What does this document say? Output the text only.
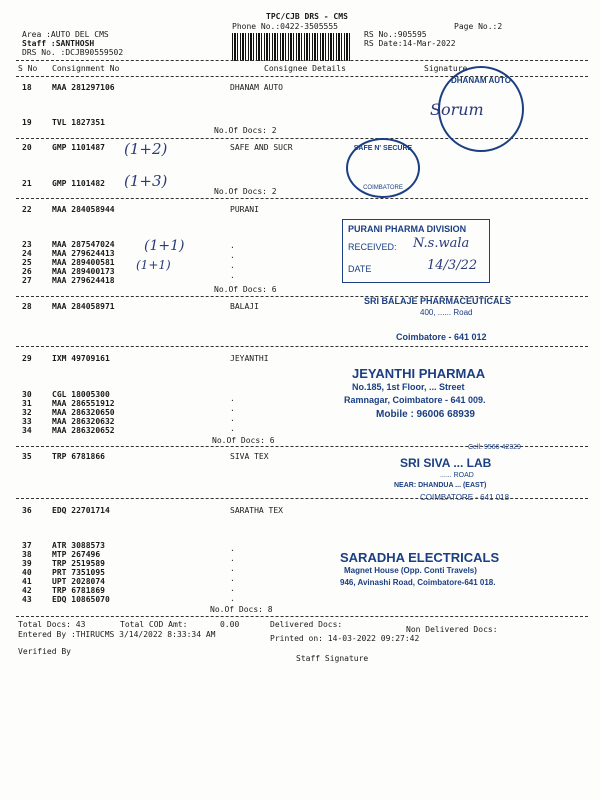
TPC/CJB DRS - CMS
Phone No.:0422-3505555	Page No.:2
Area :AUTO DEL CMS
Staff :SANTHOSH
DRS No. :DCJB90559502
RS No.:905595
RS Date:14-Mar-2022
S No Consignment No	Consignee Details	Signature
18	MAA 281297106	DHANAM AUTO
19	TVL 1827351
No.Of Docs: 2
20	GMP 1101487	SAFE AND SUCR
21	GMP 1101482
No.Of Docs: 2
22	MAA 284058944	PURANI
23	MAA 287547024
24	MAA 279624413
25	MAA 289400581
26	MAA 289400173
27	MAA 279624418
.
.
.
.
No.Of Docs: 6
28	MAA 284058971	BALAJI
29	IXM 49709161	JEYANTHI
30	CGL 18005300
31	MAA 286551912
32	MAA 286320650
33	MAA 286320632
34	MAA 286320652
.
.
.
.
No.Of Docs: 6
35	TRP 6781866	SIVA TEX
36	EDQ 22701714	SARATHA TEX
37	ATR 3088573
38	MTP 267496
39	TRP 2519589
40	PRT 7351095
41	UPT 2028074
42	TRP 6781869
43	EDQ 10865070
.
.
.
.
.
.
No.Of Docs: 8
Total Docs: 43	Total COD Amt:	0.00	Delivered Docs:
Non Delivered Docs:
Entered By :THIRUCMS 3/14/2022 8:33:34 AM	Printed on: 14-03-2022 09:27:42
Verified By
Staff Signature
(1+2)
(1+3)
(1+1)
(1+1)
DHANAM AUTO
Sorum
SAFE N' SECURE
COIMBATORE
PURANI PHARMA DIVISION
RECEIVED: N.s.wala
DATE	14/3/22
SRI BALAJE PHARMACEUTICALS
400, ...... Road
Coimbatore - 641 012
JEYANTHI PHARMAA
No.185, 1st Floor, ... Street
Ramnagar, Coimbatore - 641 009.
Mobile : 96006 68939
Cell: 9566 42329
SRI SIVA ... LAB
...... ROAD
NEAR: DHANDUA ... (EAST)
COIMBATORE - 641 018
SARADHA ELECTRICALS
Magnet House (Opp. Conti Travels)
946, Avinashi Road, Coimbatore-641 018.
